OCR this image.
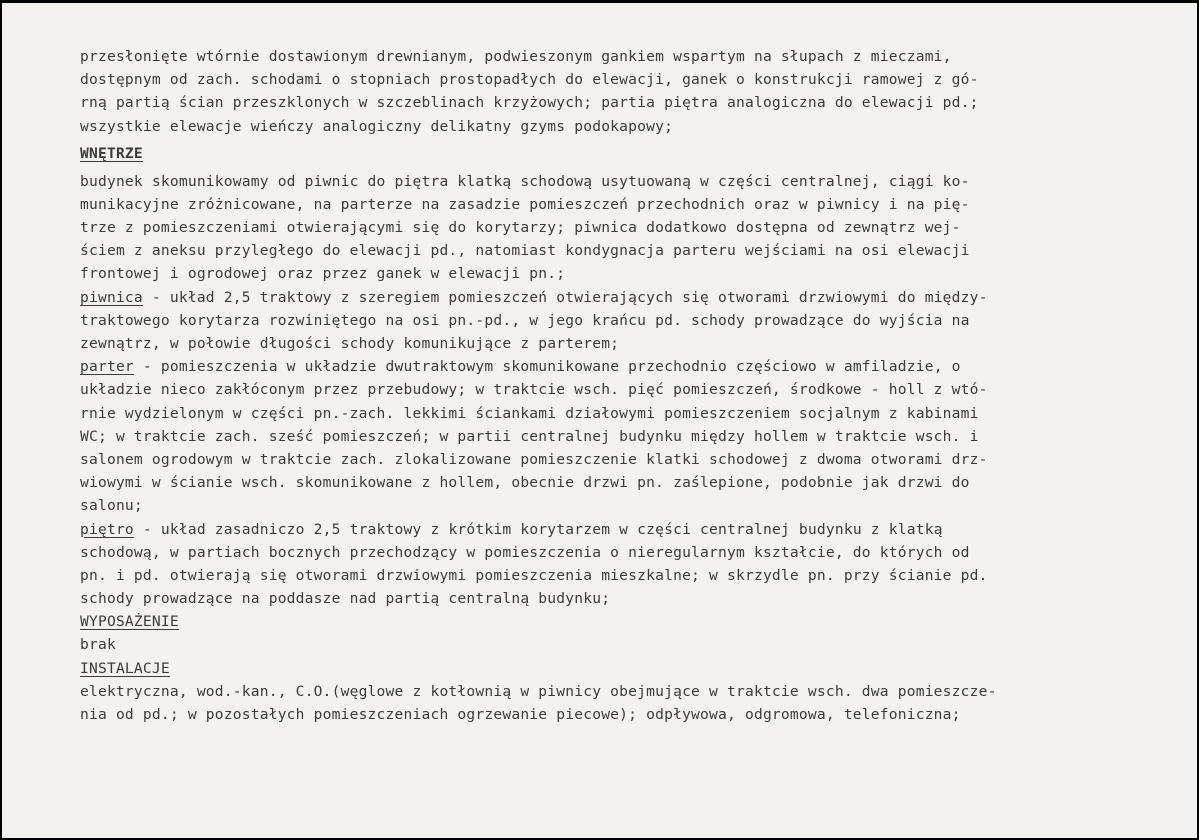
przesłonięte wtórnie dostawionym drewnianym, podwieszonym gankiem wspartym na słupach z mieczami,
dostępnym od zach. schodami o stopniach prostopadłych do elewacji, ganek o konstrukcji ramowej z gó-
rną partią ścian przeszklonych w szczeblinach krzyżowych; partia piętra analogiczna do elewacji pd.;
wszystkie elewacje wieńczy analogiczny delikatny gzyms podokapowy;
WNĘTRZE
budynek skomunikowamy od piwnic do piętra klatką schodową usytuowaną w części centralnej, ciągi ko-
munikacyjne zróżnicowane, na parterze na zasadzie pomieszczeń przechodnich oraz w piwnicy i na pię-
trze z pomieszczeniami otwierającymi się do korytarzy; piwnica dodatkowo dostępna od zewnątrz wej-
ściem z aneksu przyległego do elewacji pd., natomiast kondygnacja parteru wejściami na osi elewacji
frontowej i ogrodowej oraz przez ganek w elewacji pn.;
piwnica - układ 2,5 traktowy z szeregiem pomieszczeń otwierających się otworami drzwiowymi do między-
traktowego korytarza rozwiniętego na osi pn.-pd., w jego krańcu pd. schody prowadzące do wyjścia na
zewnątrz, w połowie długości schody komunikujące z parterem;
parter - pomieszczenia w układzie dwutraktowym skomunikowane przechodnio częściowo w amfiladzie, o
układzie nieco zakłóconym przez przebudowy; w traktcie wsch. pięć pomieszczeń, środkowe - holl z wtó-
rnie wydzielonym w części pn.-zach. lekkimi ściankami działowymi pomieszczeniem socjalnym z kabinami
WC; w traktcie zach. sześć pomieszczeń; w partii centralnej budynku między hollem w traktcie wsch. i
salonem ogrodowym w traktcie zach. zlokalizowane pomieszczenie klatki schodowej z dwoma otworami drz-
wiowymi w ścianie wsch. skomunikowane z hollem, obecnie drzwi pn. zaślepione, podobnie jak drzwi do
salonu;
piętro - układ zasadniczo 2,5 traktowy z krótkim korytarzem w części centralnej budynku z klatką
schodową, w partiach bocznych przechodzący w pomieszczenia o nieregularnym kształcie, do których od
pn. i pd. otwierają się otworami drzwiowymi pomieszczenia mieszkalne; w skrzydle pn. przy ścianie pd.
schody prowadzące na poddasze nad partią centralną budynku;
WYPOSAŻENIE
brak
INSTALACJE
elektryczna, wod.-kan., C.O.(węglowe z kotłownią w piwnicy obejmujące w traktcie wsch. dwa pomieszcze-
nia od pd.; w pozostałych pomieszczeniach ogrzewanie piecowe); odpływowa, odgromowa, telefoniczna;
